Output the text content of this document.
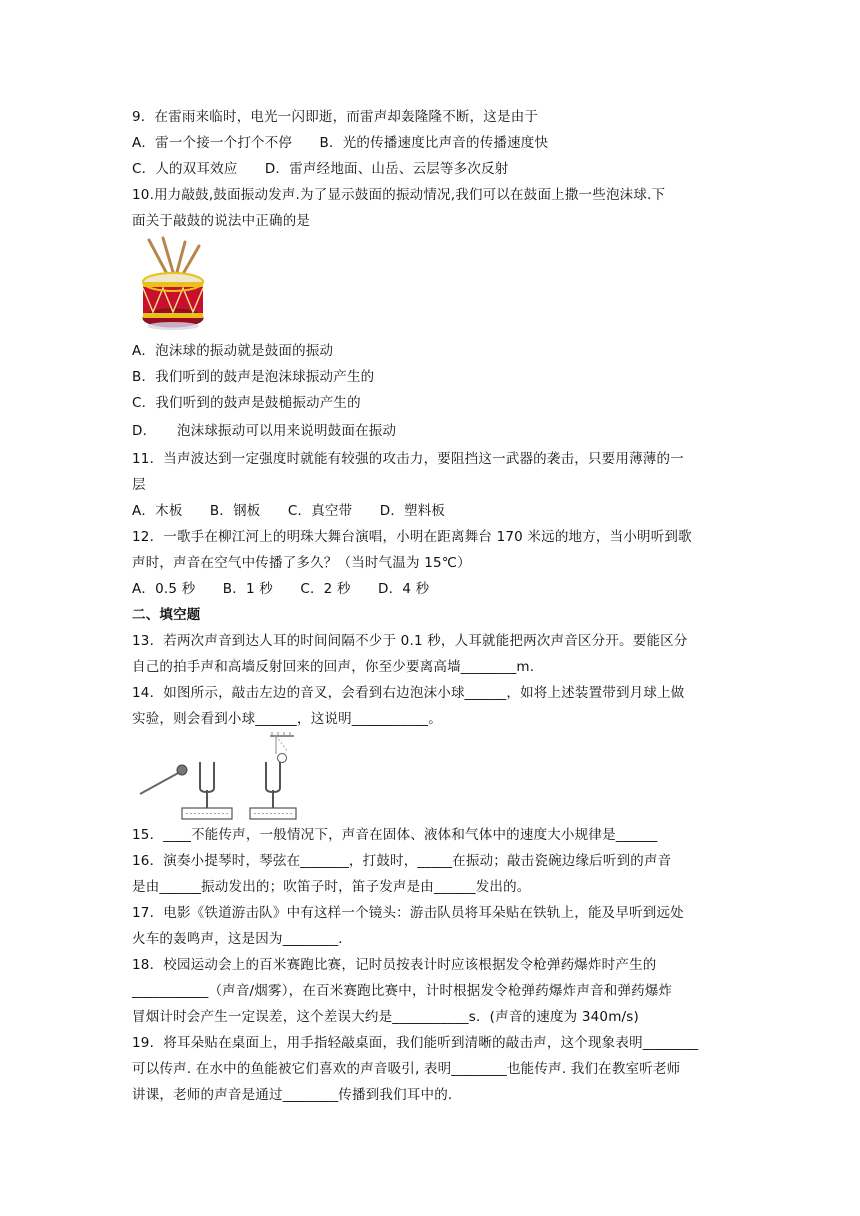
9．在雷雨来临时，电光一闪即逝，而雷声却轰隆隆不断，这是由于
A．雷一个接一个打个不停　　B．光的传播速度比声音的传播速度快
C．人的双耳效应　　D．雷声经地面、山岳、云层等多次反射
10.用力敲鼓,鼓面振动发声.为了显示鼓面的振动情况,我们可以在鼓面上撒一些泡沫球.下
面关于敲鼓的说法中正确的是
A．泡沫球的振动就是鼓面的振动
B．我们听到的鼓声是泡沫球振动产生的
C．我们听到的鼓声是鼓槌振动产生的
D．　　泡沫球振动可以用来说明鼓面在振动
11．当声波达到一定强度时就能有较强的攻击力，要阻挡这一武器的袭击，只要用薄薄的一
层
A．木板　　B．钢板　　C．真空带　　D．塑料板
12．一歌手在柳江河上的明珠大舞台演唱，小明在距离舞台 170 米远的地方，当小明听到歌
声时，声音在空气中传播了多久？（当时气温为 15℃）
A．0.5 秒　　B．1 秒　　C．2 秒　　D．4 秒
二、填空题
13．若两次声音到达人耳的时间间隔不少于 0.1 秒，人耳就能把两次声音区分开。要能区分
自己的拍手声和高墙反射回来的回声，你至少要离高墙________m.
14．如图所示，敲击左边的音叉，会看到右边泡沫小球______，如将上述装置带到月球上做
实验，则会看到小球______，这说明___________。
15．____不能传声，一般情况下，声音在固体、液体和气体中的速度大小规律是______
16．演奏小提琴时，琴弦在_______，打鼓时，_____在振动；敲击瓷碗边缘后听到的声音
是由______振动发出的；吹笛子时，笛子发声是由______发出的。
17．电影《铁道游击队》中有这样一个镜头：游击队员将耳朵贴在铁轨上，能及早听到远处
火车的轰鸣声，这是因为________．
18．校园运动会上的百米赛跑比赛，记时员按表计时应该根据发令枪弹药爆炸时产生的
___________（声音/烟雾），在百米赛跑比赛中，计时根据发令枪弹药爆炸声音和弹药爆炸
冒烟计时会产生一定误差，这个差误大约是___________s．(声音的速度为 340m/s)
19．将耳朵贴在桌面上，用手指轻敲桌面，我们能听到清晰的敲击声，这个现象表明________
可以传声. 在水中的鱼能被它们喜欢的声音吸引, 表明________也能传声. 我们在教室听老师
讲课，老师的声音是通过________传播到我们耳中的.
